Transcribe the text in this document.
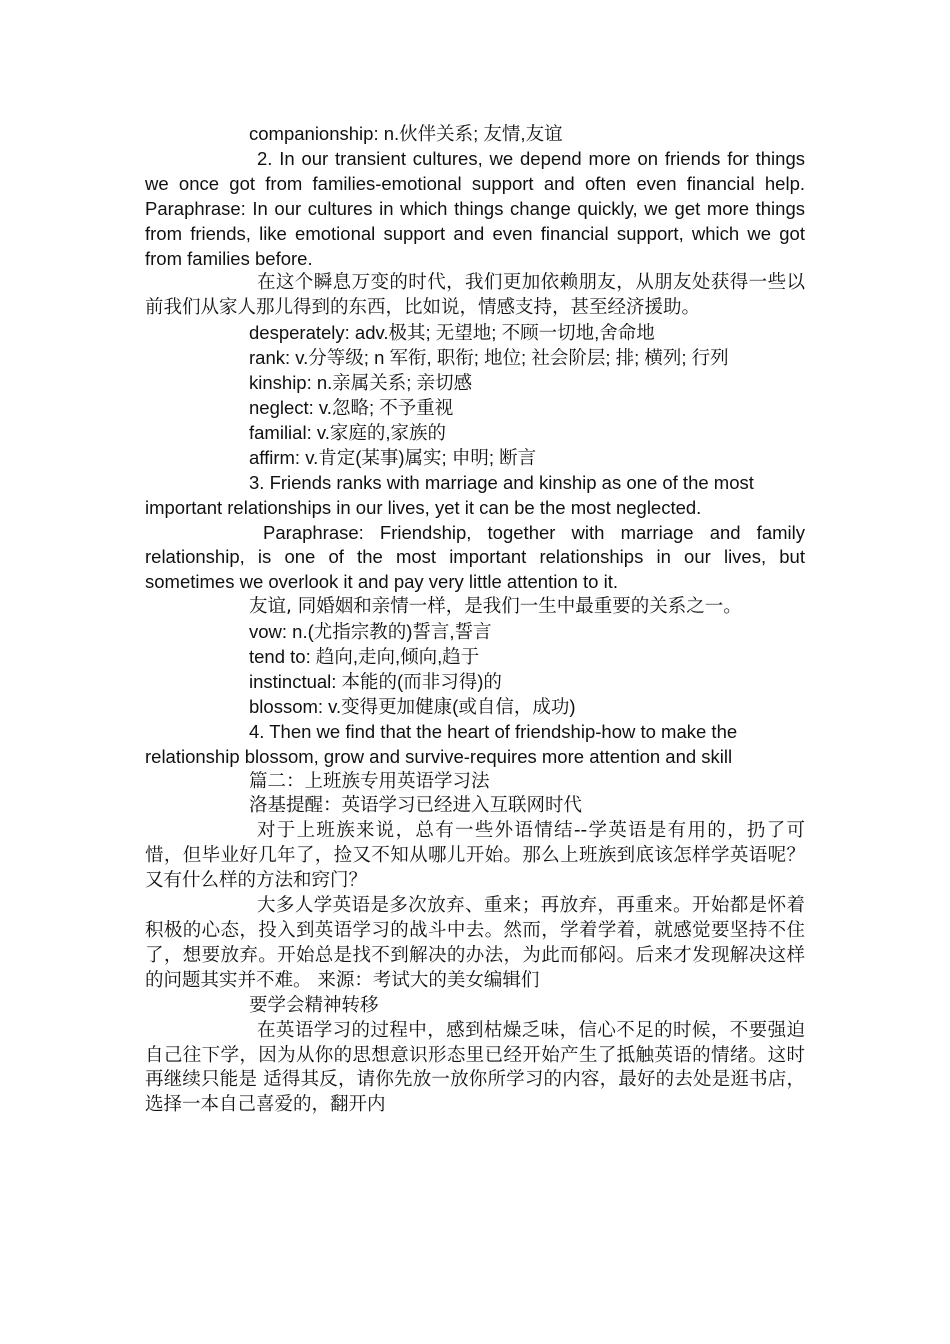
companionship: n.伙伴关系; 友情,友谊

2. In our transient cultures, we depend more on friends for things we once got from families-emotional support and often even financial help. Paraphrase: In our cultures in which things change quickly, we get more things from friends, like emotional support and even financial support, which we got from families before.

在这个瞬息万变的时代，我们更加依赖朋友，从朋友处获得一些以前我们从家人那儿得到的东西，比如说，情感支持，甚至经济援助。

desperately: adv.极其; 无望地; 不顾一切地,舍命地

rank: v.分等级; n 军衔, 职衔; 地位; 社会阶层; 排; 横列; 行列

kinship: n.亲属关系; 亲切感

neglect: v.忽略; 不予重视

familial: v.家庭的,家族的

affirm: v.肯定(某事)属实; 申明; 断言

3. Friends ranks with marriage and kinship as one of the most important relationships in our lives, yet it can be the most neglected.

Paraphrase: Friendship, together with marriage and family relationship, is one of the most important relationships in our lives, but sometimes we overlook it and pay very little attention to it.

友谊, 同婚姻和亲情一样，是我们一生中最重要的关系之一。

vow: n.(尤指宗教的)誓言,誓言

tend to: 趋向,走向,倾向,趋于

instinctual: 本能的(而非习得)的

blossom: v.变得更加健康(或自信，成功)

4. Then we find that the heart of friendship-how to make the relationship blossom, grow and survive-requires more attention and skill

篇二：上班族专用英语学习法

洛基提醒：英语学习已经进入互联网时代

对于上班族来说，总有一些外语情结--学英语是有用的，扔了可惜，但毕业好几年了，捡又不知从哪儿开始。那么上班族到底该怎样学英语呢？又有什么样的方法和窍门？

大多人学英语是多次放弃、重来；再放弃，再重来。开始都是怀着积极的心态，投入到英语学习的战斗中去。然而，学着学着，就感觉要坚持不住了，想要放弃。开始总是找不到解决的办法，为此而郁闷。后来才发现解决这样的问题其实并不难。 来源：考试大的美女编辑们

要学会精神转移

在英语学习的过程中，感到枯燥乏味，信心不足的时候，不要强迫自己往下学，因为从你的思想意识形态里已经开始产生了抵触英语的情绪。这时再继续只能是 适得其反，请你先放一放你所学习的内容，最好的去处是逛书店，选择一本自己喜爱的，翻开内
